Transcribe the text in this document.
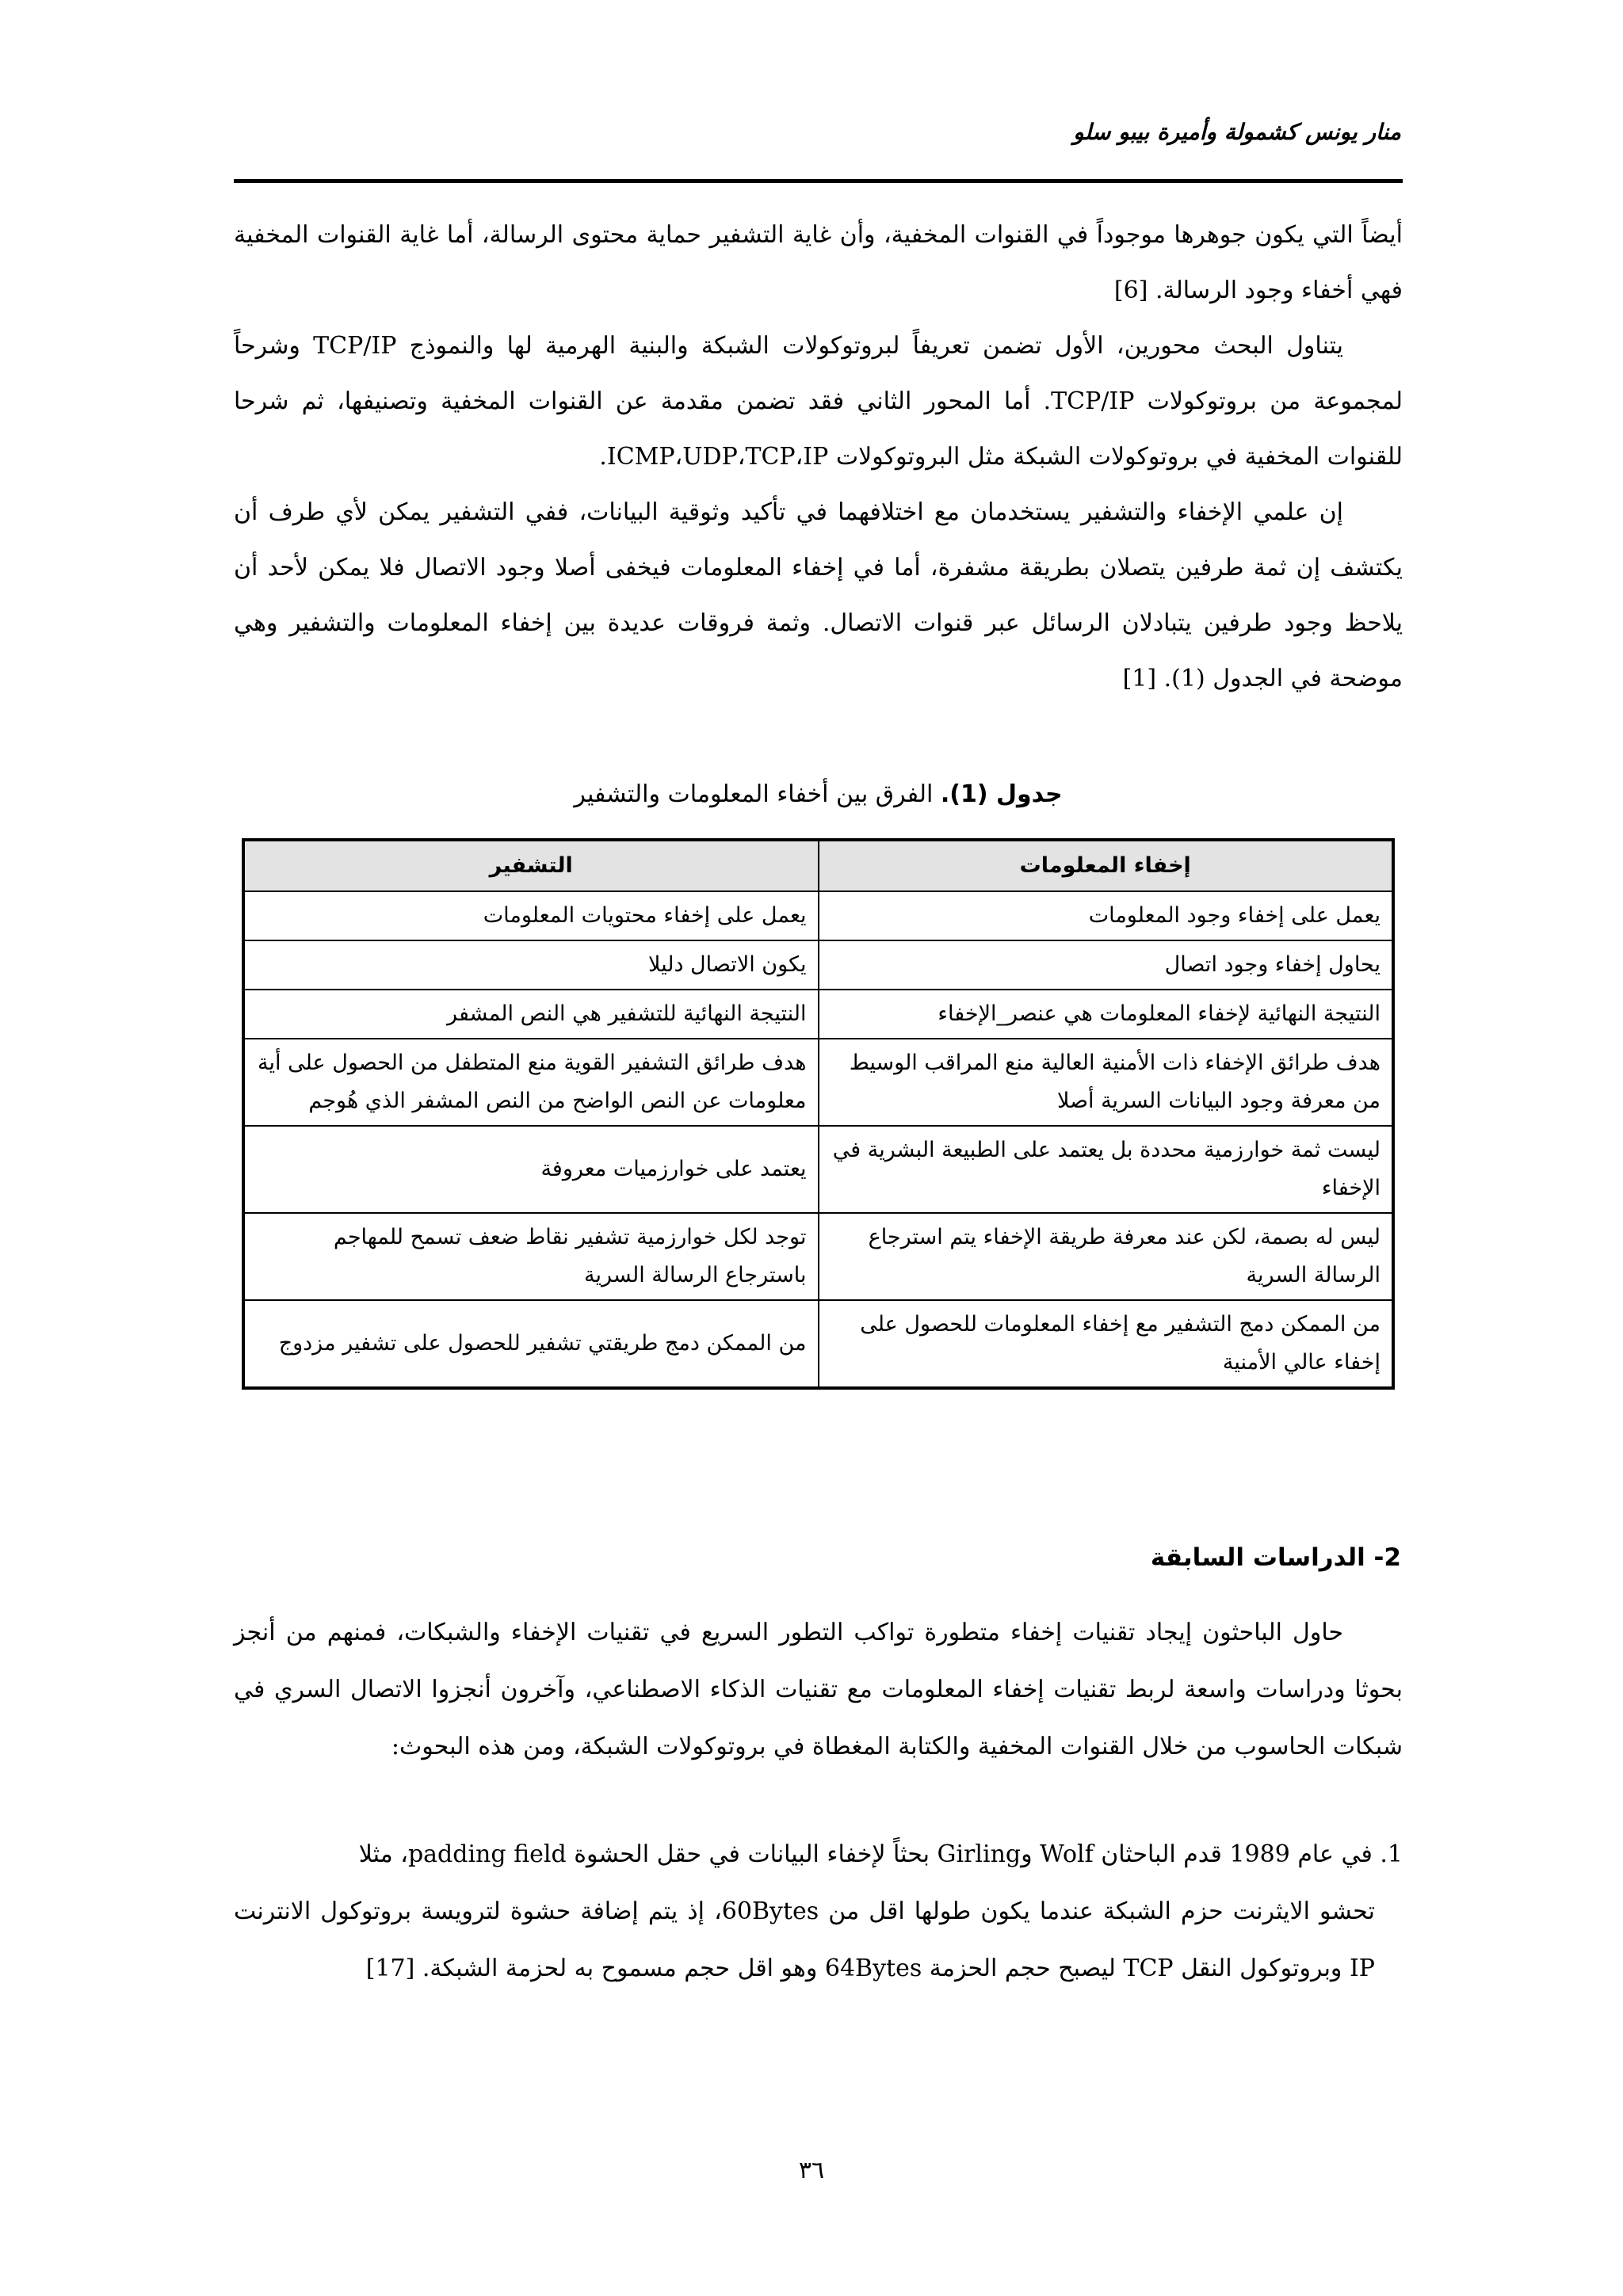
منار يونس كشمولة وأميرة بيبو سلو

أيضاً التي يكون جوهرها موجوداً في القنوات المخفية، وأن غاية التشفير حماية محتوى الرسالة، أما غاية القنوات المخفية فهي أخفاء وجود الرسالة. [6]

يتناول البحث محورين، الأول تضمن تعريفاً لبروتوكولات الشبكة والبنية الهرمية لها والنموذج TCP/IP وشرحاً لمجموعة من بروتوكولات TCP/IP. أما المحور الثاني فقد تضمن مقدمة عن القنوات المخفية وتصنيفها، ثم شرحا للقنوات المخفية في بروتوكولات الشبكة مثل البروتوكولات ICMP،UDP،TCP،IP.

إن علمي الإخفاء والتشفير يستخدمان مع اختلافهما في تأكيد وثوقية البيانات، ففي التشفير يمكن لأي طرف أن يكتشف إن ثمة طرفين يتصلان بطريقة مشفرة، أما في إخفاء المعلومات فيخفى أصلا وجود الاتصال فلا يمكن لأحد أن يلاحظ وجود طرفين يتبادلان الرسائل عبر قنوات الاتصال. وثمة فروقات عديدة بين إخفاء المعلومات والتشفير وهي موضحة في الجدول (1). [1]

جدول (1). الفرق بين أخفاء المعلومات والتشفير
إخفاء المعلومات	التشفير
يعمل على إخفاء وجود المعلومات	يعمل على إخفاء محتويات المعلومات
يحاول إخفاء وجود اتصال	يكون الاتصال دليلا
النتيجة النهائية لإخفاء المعلومات هي عنصر_الإخفاء	النتيجة النهائية للتشفير هي النص المشفر
هدف طرائق الإخفاء ذات الأمنية العالية منع المراقب الوسيط من معرفة وجود البيانات السرية أصلا	هدف طرائق التشفير القوية منع المتطفل من الحصول على أية معلومات عن النص الواضح من النص المشفر الذي هُوجم
ليست ثمة خوارزمية محددة بل يعتمد على الطبيعة البشرية في الإخفاء	يعتمد على خوارزميات معروفة
ليس له بصمة، لكن عند معرفة طريقة الإخفاء يتم استرجاع الرسالة السرية	توجد لكل خوارزمية تشفير نقاط ضعف تسمح للمهاجم باسترجاع الرسالة السرية
من الممكن دمج التشفير مع إخفاء المعلومات للحصول على إخفاء عالي الأمنية	من الممكن دمج طريقتي تشفير للحصول على تشفير مزدوج
2- الدراسات السابقة

حاول الباحثون إيجاد تقنيات إخفاء متطورة تواكب التطور السريع في تقنيات الإخفاء والشبكات، فمنهم من أنجز بحوثا ودراسات واسعة لربط تقنيات إخفاء المعلومات مع تقنيات الذكاء الاصطناعي، وآخرون أنجزوا الاتصال السري في شبكات الحاسوب من خلال القنوات المخفية والكتابة المغطاة في بروتوكولات الشبكة، ومن هذه البحوث:

1. في عام 1989 قدم الباحثان Wolf وGirling بحثاً لإخفاء البيانات في حقل الحشوة padding field، مثلا
تحشو الايثرنت حزم الشبكة عندما يكون طولها اقل من 60Bytes، إذ يتم إضافة حشوة لترويسة بروتوكول الانترنت IP وبروتوكول النقل TCP ليصبح حجم الحزمة 64Bytes وهو اقل حجم مسموح به لحزمة الشبكة. [17]
٣٦
